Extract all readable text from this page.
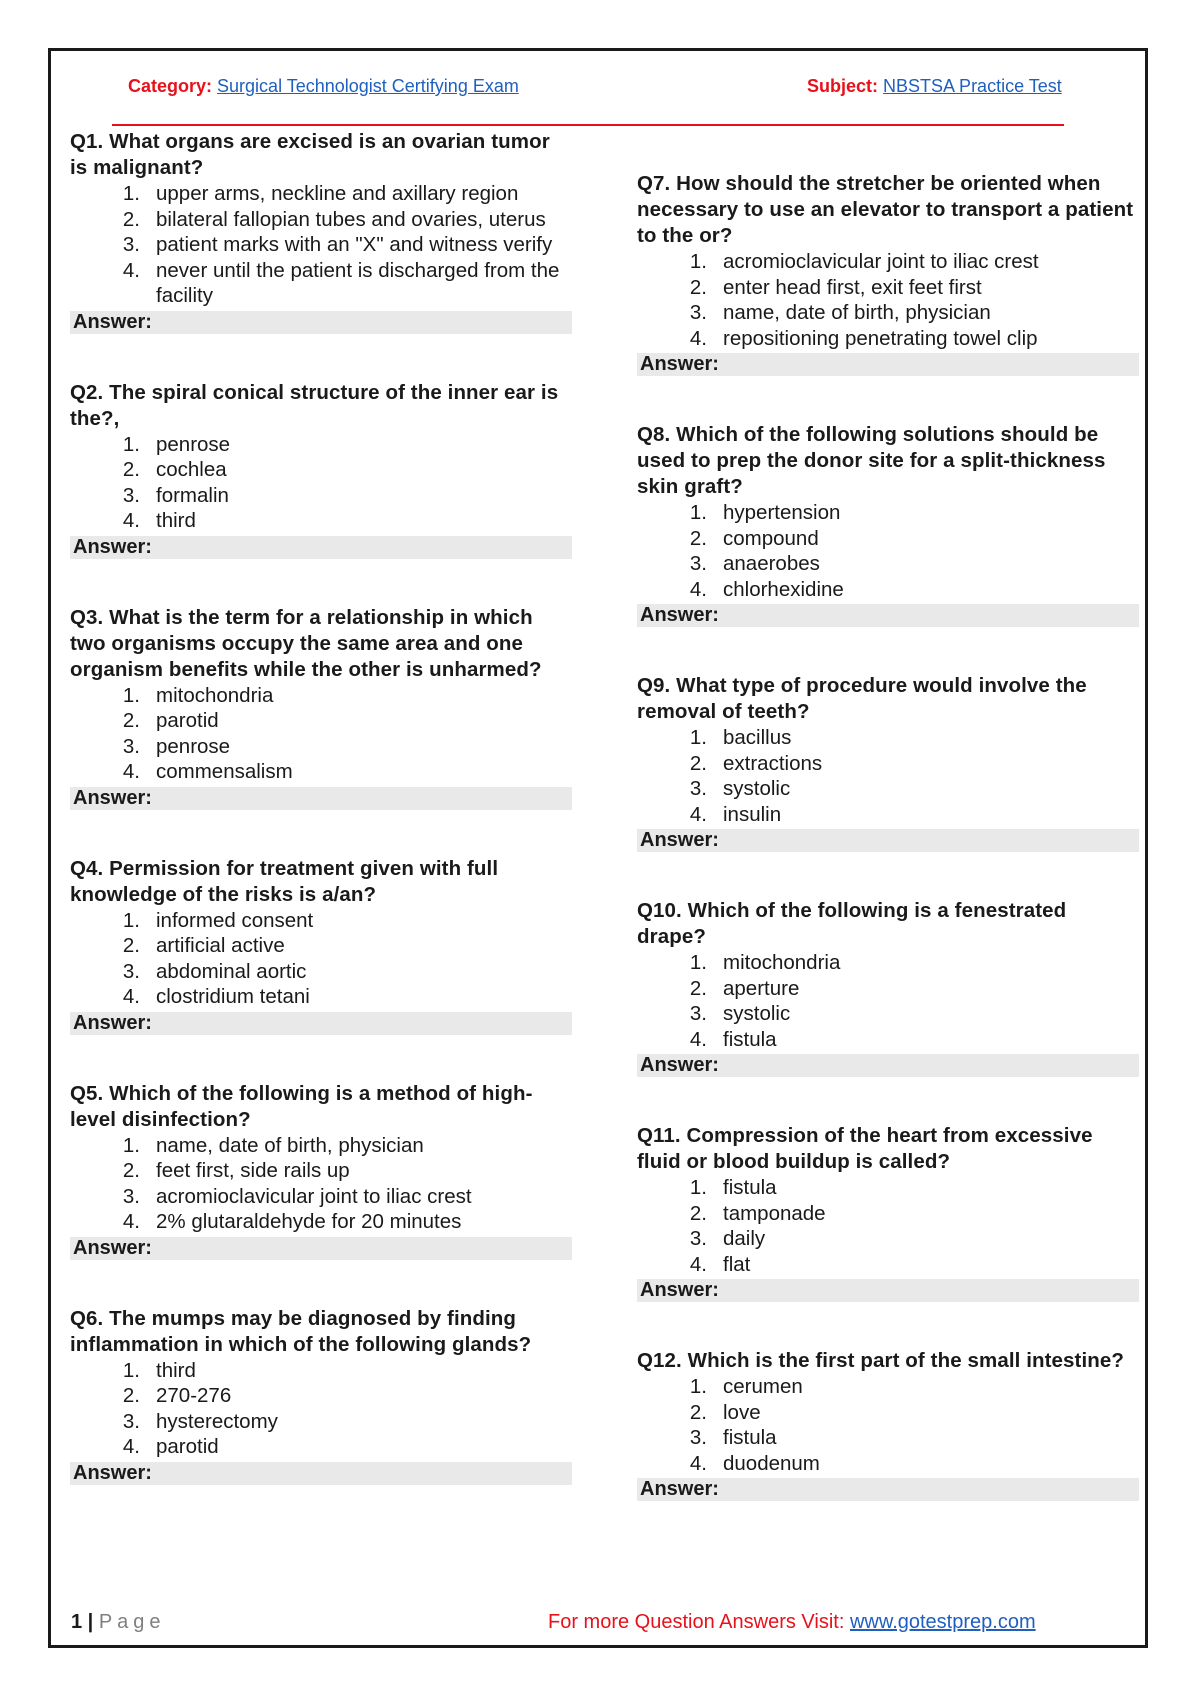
Category: Surgical Technologist Certifying Exam	Subject: NBSTSA Practice Test
Q1. What organs are excised is an ovarian tumor is malignant?
1. upper arms, neckline and axillary region
2. bilateral fallopian tubes and ovaries, uterus
3. patient marks with an "X" and witness verify
4. never until the patient is discharged from the facility
Answer:
Q2. The spiral conical structure of the inner ear is the?,
1. penrose
2. cochlea
3. formalin
4. third
Answer:
Q3. What is the term for a relationship in which two organisms occupy the same area and one organism benefits while the other is unharmed?
1. mitochondria
2. parotid
3. penrose
4. commensalism
Answer:
Q4. Permission for treatment given with full knowledge of the risks is a/an?
1. informed consent
2. artificial active
3. abdominal aortic
4. clostridium tetani
Answer:
Q5. Which of the following is a method of high-level disinfection?
1. name, date of birth, physician
2. feet first, side rails up
3. acromioclavicular joint to iliac crest
4. 2% glutaraldehyde for 20 minutes
Answer:
Q6. The mumps may be diagnosed by finding inflammation in which of the following glands?
1. third
2. 270-276
3. hysterectomy
4. parotid
Answer:
Q7. How should the stretcher be oriented when necessary to use an elevator to transport a patient to the or?
1. acromioclavicular joint to iliac crest
2. enter head first, exit feet first
3. name, date of birth, physician
4. repositioning penetrating towel clip
Answer:
Q8. Which of the following solutions should be used to prep the donor site for a split-thickness skin graft?
1. hypertension
2. compound
3. anaerobes
4. chlorhexidine
Answer:
Q9. What type of procedure would involve the removal of teeth?
1. bacillus
2. extractions
3. systolic
4. insulin
Answer:
Q10. Which of the following is a fenestrated drape?
1. mitochondria
2. aperture
3. systolic
4. fistula
Answer:
Q11. Compression of the heart from excessive fluid or blood buildup is called?
1. fistula
2. tamponade
3. daily
4. flat
Answer:
Q12. Which is the first part of the small intestine?
1. cerumen
2. love
3. fistula
4. duodenum
Answer:
1 | Page	For more Question Answers Visit: www.gotestprep.com
